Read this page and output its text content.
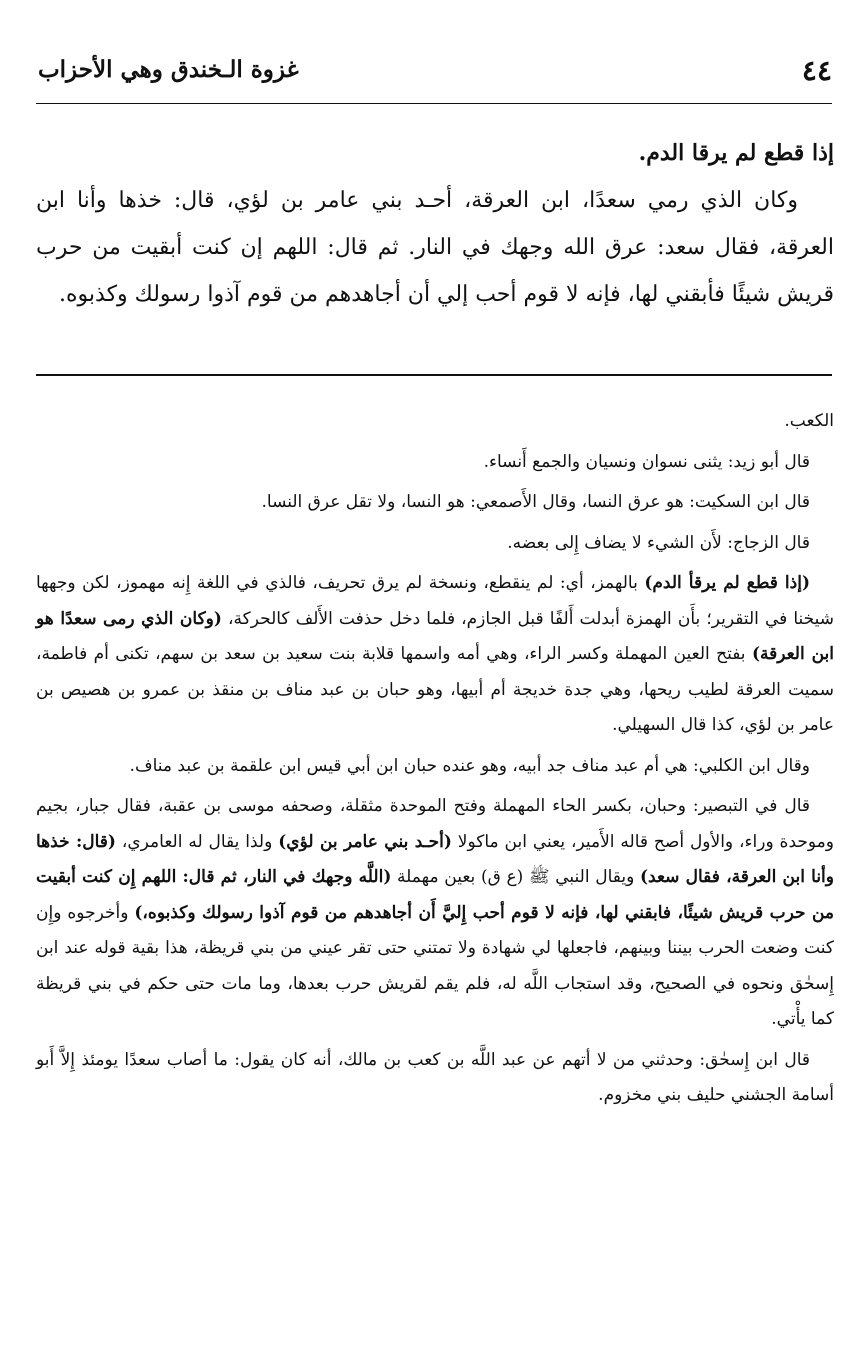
٤٤
غزوة الـخندق وهي الأحزاب

إذا قطع لم يرقا الدم.

وكان الذي رمي سعدًا، ابن العرقة، أحـد بني عامر بن لؤي، قال: خذها وأنا ابن العرقة، فقال سعد: عرق الله وجهك في النار. ثم قال: اللهم إن كنت أبقيت من حرب قريش شيئًا فأبقني لها، فإنه لا قوم أحب إلي أن أجاهدهم من قوم آذوا رسولك وكذبوه.

الكعب.

قال أبو زيد: يثنى نسوان ونسيان والجمع أَنساء.

قال ابن السكيت: هو عرق النسا، وقال الأَصمعي: هو النسا، ولا تقل عرق النسا.

قال الزجاج: لأَن الشيء لا يضاف إِلى بعضه.

(إذا قطع لم يرقأ الدم) بالهمز، أي: لم ينقطع، ونسخة لم يرق تحريف، فالذي في اللغة إِنه مهموز، لكن وجهها شيخنا في التقرير؛ بأَن الهمزة أبدلت أَلفًا قبل الجازم، فلما دخل حذفت الأَلف كالحركة، (وكان الذي رمى سعدًا هو ابن العرقة) بفتح العين المهملة وكسر الراء، وهي أمه واسمها قلابة بنت سعيد بن سعد بن سهم، تكنى أم فاطمة، سميت العرقة لطيب ريحها، وهي جدة خديجة أم أبيها، وهو حبان بن عبد مناف بن منقذ بن عمرو بن هصيص بن عامر بن لؤي، كذا قال السهيلي.

وقال ابن الكلبي: هي أم عبد مناف جد أبيه، وهو عنده حبان ابن أبي قيس ابن علقمة بن عبد مناف.

قال في التبصير: وحبان، بكسر الحاء المهملة وفتح الموحدة مثقلة، وصحفه موسى بن عقبة، فقال جبار، بجيم وموحدة وراء، والأول أصح قاله الأَمير، يعني ابن ماكولا (أحـد بني عامر بن لؤي) ولذا يقال له العامري، (قال: خذها وأنا ابن العرقة، فقال سعد) ويقال النبي ﷺ (ع ق) بعين مهملة (اللَّه وجهك في النار، ثم قال: اللهم إِن كنت أبقيت من حرب قريش شيئًا، فابقني لها، فإنه لا قوم أحب إِليَّ أَن أجاهدهم من قوم آذوا رسولك وكذبوه،) وأخرجوه وإِن كنت وضعت الحرب بيننا وبينهم، فاجعلها لي شهادة ولا تمتني حتى تقر عيني من بني قريظة، هذا بقية قوله عند ابن إِسحٰق ونحوه في الصحيح، وقد استجاب اللَّه له، فلم يقم لقريش حرب بعدها، وما مات حتى حكم في بني قريظة كما يأْتي.

قال ابن إِسحٰق: وحدثني من لا أتهم عن عبد اللَّه بن كعب بن مالك، أنه كان يقول: ما أصاب سعدًا يومئذ إِلاَّ أَبو أسامة الجشني حليف بني مخزوم.
